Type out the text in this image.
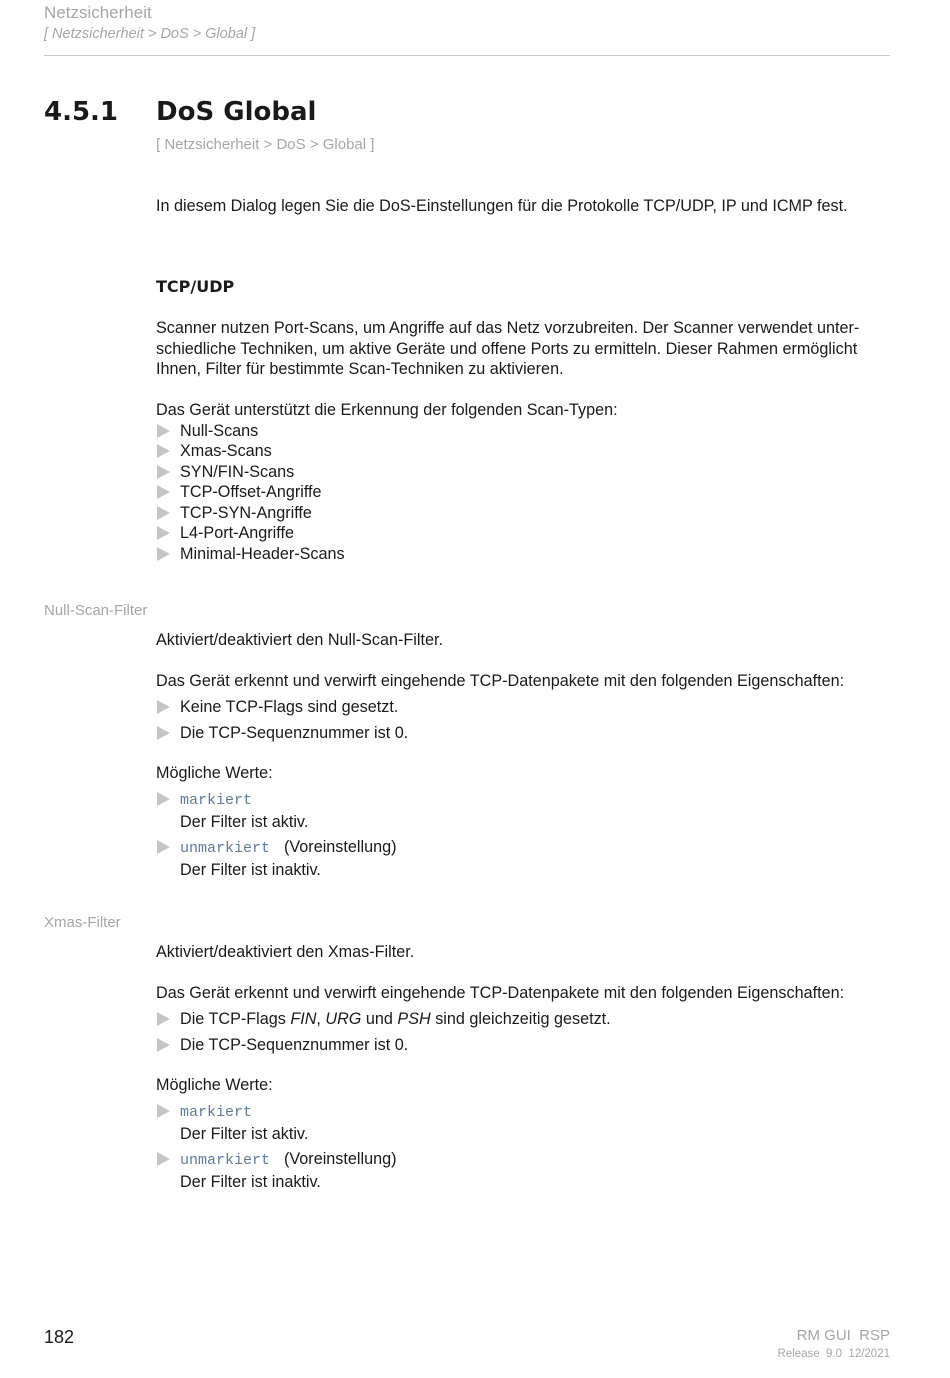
Netzsicherheit
[ Netzsicherheit > DoS > Global ]
4.5.1 DoS Global
[ Netzsicherheit > DoS > Global ]
In diesem Dialog legen Sie die DoS-Einstellungen für die Protokolle TCP/UDP, IP und ICMP fest.
TCP/UDP
Scanner nutzen Port-Scans, um Angriffe auf das Netz vorzubreiten. Der Scanner verwendet unter-
schiedliche Techniken, um aktive Geräte und offene Ports zu ermitteln. Dieser Rahmen ermöglicht
Ihnen, Filter für bestimmte Scan-Techniken zu aktivieren.
Das Gerät unterstützt die Erkennung der folgenden Scan-Typen:
Null-Scans
Xmas-Scans
SYN/FIN-Scans
TCP-Offset-Angriffe
TCP-SYN-Angriffe
L4-Port-Angriffe
Minimal-Header-Scans
Null-Scan-Filter
Aktiviert/deaktiviert den Null-Scan-Filter.
Das Gerät erkennt und verwirft eingehende TCP-Datenpakete mit den folgenden Eigenschaften:
Keine TCP-Flags sind gesetzt.
Die TCP-Sequenznummer ist 0.
Mögliche Werte:
markiert
Der Filter ist aktiv.
unmarkiert (Voreinstellung)
Der Filter ist inaktiv.
Xmas-Filter
Aktiviert/deaktiviert den Xmas-Filter.
Das Gerät erkennt und verwirft eingehende TCP-Datenpakete mit den folgenden Eigenschaften:
Die TCP-Flags FIN, URG und PSH sind gleichzeitig gesetzt.
Die TCP-Sequenznummer ist 0.
Mögliche Werte:
markiert
Der Filter ist aktiv.
unmarkiert (Voreinstellung)
Der Filter ist inaktiv.
182	RM GUI  RSP
Release  9.0  12/2021
